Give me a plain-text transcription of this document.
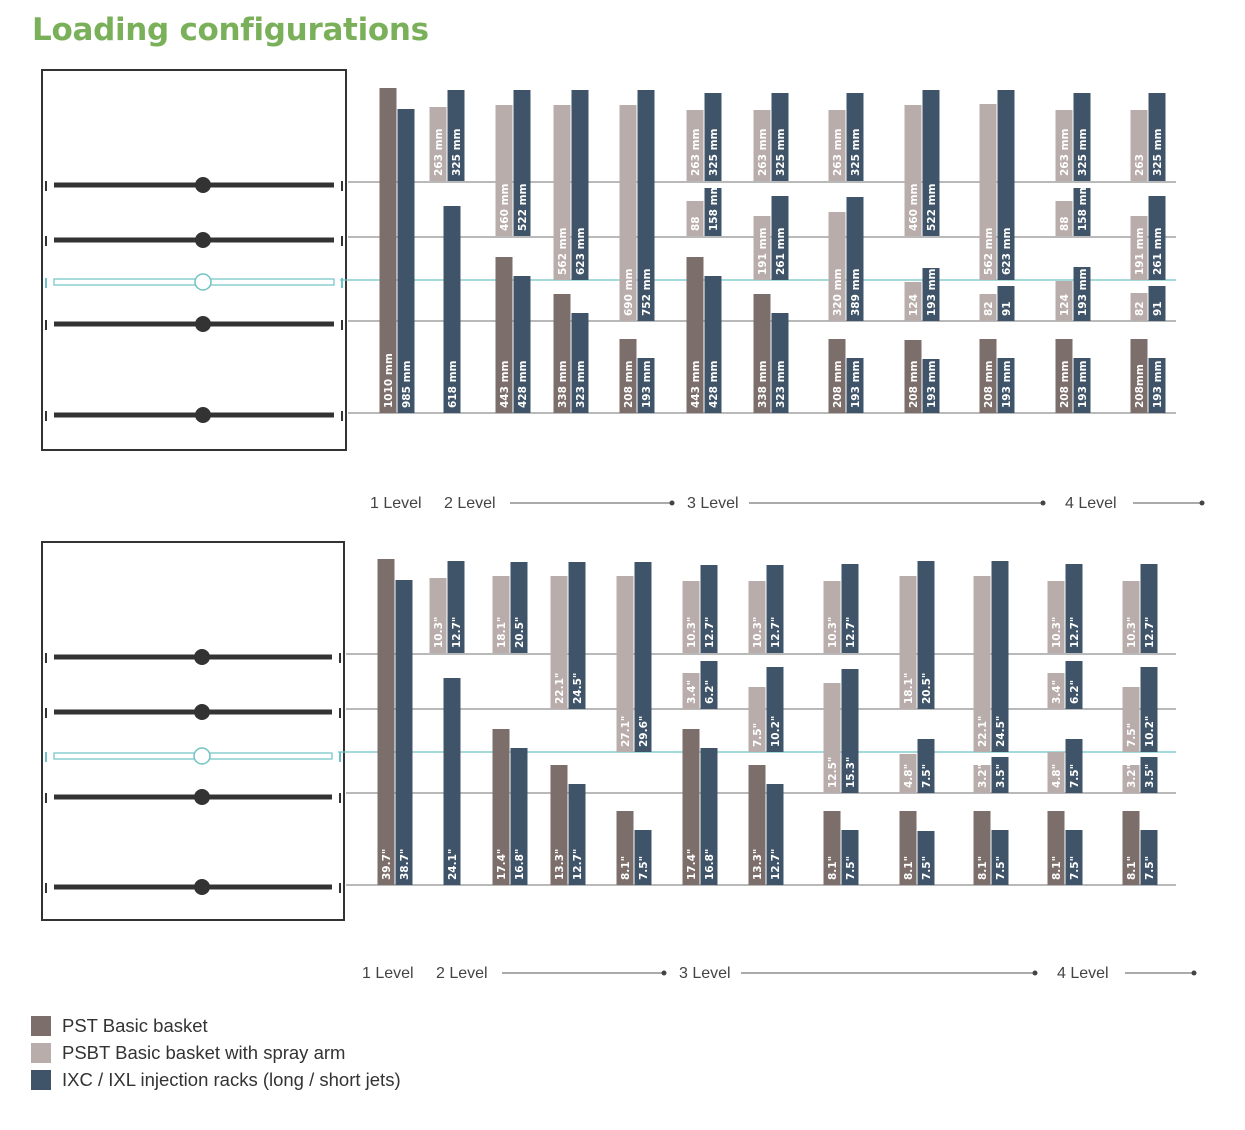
Loading configurations
1010 mm 985 mm
263 mm 325 mm
618 mm
460 mm 522 mm
443 mm 428 mm
562 mm 623 mm
338 mm 323 mm
690 mm 752 mm
208 mm 193 mm
263 mm 325 mm
88 158 mm
443 mm 428 mm
263 mm 325 mm
191 mm 261 mm
338 mm 323 mm
263 mm 325 mm
320 mm 389 mm
208 mm 193 mm
460 mm 522 mm
124 193 mm
208 mm 193 mm
562 mm 623 mm
82 91
208 mm 193 mm
263 mm 325 mm
88 158 mm
124 193 mm
208 mm 193 mm
263 325 mm
191 mm 261 mm
82 91
208mm 193 mm
1 Level 2 Level	3 Level	4 Level
39.7" 38.7"
10.3" 12.7"
24.1"
18.1" 20.5"
17.4" 16.8"
22.1" 24.5"
13.3" 12.7"
27.1" 29.6"
8.1" 7.5"
10.3" 12.7"
3.4" 6.2"
17.4" 16.8"
10.3" 12.7"
7.5" 10.2"
13.3" 12.7"
10.3" 12.7"
12.5" 15.3"
8.1" 7.5"
18.1" 20.5"
4.8" 7.5"
8.1" 7.5"
22.1" 24.5"
3.2" 3.5"
8.1" 7.5"
10.3" 12.7"
3.4" 6.2"
4.8" 7.5"
8.1" 7.5"
10.3" 12.7"
7.5" 10.2"
3.2" 3.5"
8.1" 7.5"
1 Level 2 Level	3 Level	4 Level
PST Basic basket
PSBT Basic basket with spray arm
IXC / IXL injection racks (long / short jets)
